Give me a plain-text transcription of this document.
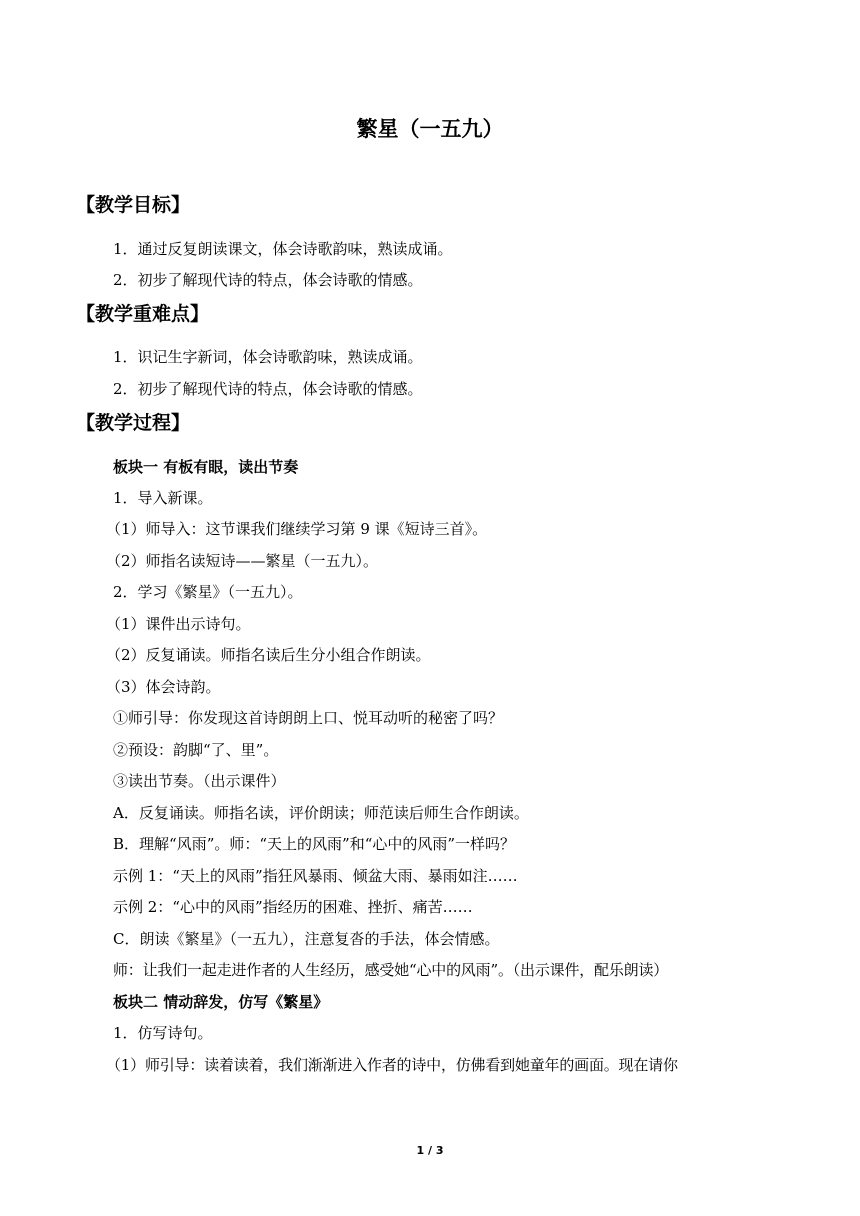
繁星（一五九）
【教学目标】
1．通过反复朗读课文，体会诗歌韵味，熟读成诵。
2．初步了解现代诗的特点，体会诗歌的情感。
【教学重难点】
1．识记生字新词，体会诗歌韵味，熟读成诵。
2．初步了解现代诗的特点，体会诗歌的情感。
【教学过程】
板块一 有板有眼，读出节奏
1．导入新课。
（1）师导入：这节课我们继续学习第 9 课《短诗三首》。
（2）师指名读短诗——繁星（一五九）。
2．学习《繁星》（一五九）。
（1）课件出示诗句。
（2）反复诵读。师指名读后生分小组合作朗读。
（3）体会诗韵。
①师引导：你发现这首诗朗朗上口、悦耳动听的秘密了吗？
②预设：韵脚“了、里”。
③读出节奏。（出示课件）
A．反复诵读。师指名读，评价朗读；师范读后师生合作朗读。
B．理解“风雨”。师：“天上的风雨”和“心中的风雨”一样吗？
示例 1：“天上的风雨”指狂风暴雨、倾盆大雨、暴雨如注……
示例 2：“心中的风雨”指经历的困难、挫折、痛苦……
C．朗读《繁星》（一五九），注意复沓的手法，体会情感。
师：让我们一起走进作者的人生经历，感受她“心中的风雨”。（出示课件，配乐朗读）
板块二 情动辞发，仿写《繁星》
1．仿写诗句。
（1）师引导：读着读着，我们渐渐进入作者的诗中，仿佛看到她童年的画面。现在请你
1 / 3
